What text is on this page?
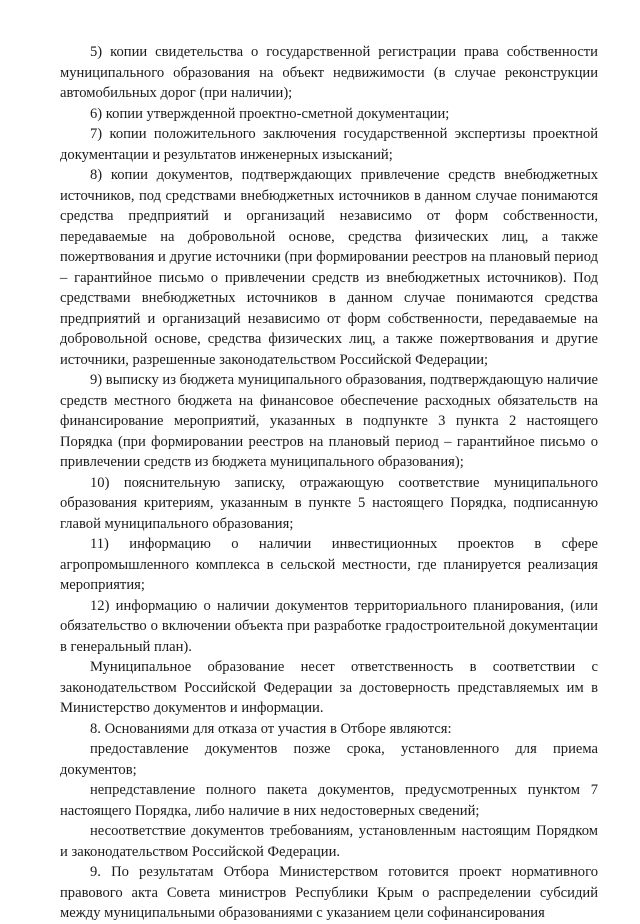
5) копии свидетельства о государственной регистрации права собственности муниципального образования на объект недвижимости (в случае реконструкции автомобильных дорог (при наличии);

6) копии утвержденной проектно-сметной документации;

7) копии положительного заключения государственной экспертизы проектной документации и результатов инженерных изысканий;

8) копии документов, подтверждающих привлечение средств внебюджетных источников, под средствами внебюджетных источников в данном случае понимаются средства предприятий и организаций независимо от форм собственности, передаваемые на добровольной основе, средства физических лиц, а также пожертвования и другие источники (при формировании реестров на плановый период – гарантийное письмо о привлечении средств из внебюджетных источников). Под средствами внебюджетных источников в данном случае понимаются средства предприятий и организаций независимо от форм собственности, передаваемые на добровольной основе, средства физических лиц, а также пожертвования и другие источники, разрешенные законодательством Российской Федерации;

9) выписку из бюджета муниципального образования, подтверждающую наличие средств местного бюджета на финансовое обеспечение расходных обязательств на финансирование мероприятий, указанных в подпункте 3 пункта 2 настоящего Порядка (при формировании реестров на плановый период – гарантийное письмо о привлечении средств из бюджета муниципального образования);

10) пояснительную записку, отражающую соответствие муниципального образования критериям, указанным в пункте 5 настоящего Порядка, подписанную главой муниципального образования;

11) информацию о наличии инвестиционных проектов в сфере агропромышленного комплекса в сельской местности, где планируется реализация мероприятия;

12) информацию о наличии документов территориального планирования, (или обязательство о включении объекта при разработке градостроительной документации в генеральный план).

Муниципальное образование несет ответственность в соответствии с законодательством Российской Федерации за достоверность представляемых им в Министерство документов и информации.

8. Основаниями для отказа от участия в Отборе являются:

предоставление документов позже срока, установленного для приема документов;

непредставление полного пакета документов, предусмотренных пунктом 7 настоящего Порядка, либо наличие в них недостоверных сведений;

несоответствие документов требованиям, установленным настоящим Порядком и законодательством Российской Федерации.

9. По результатам Отбора Министерством готовится проект нормативного правового акта Совета министров Республики Крым о распределении субсидий между муниципальными образованиями с указанием цели софинансирования
